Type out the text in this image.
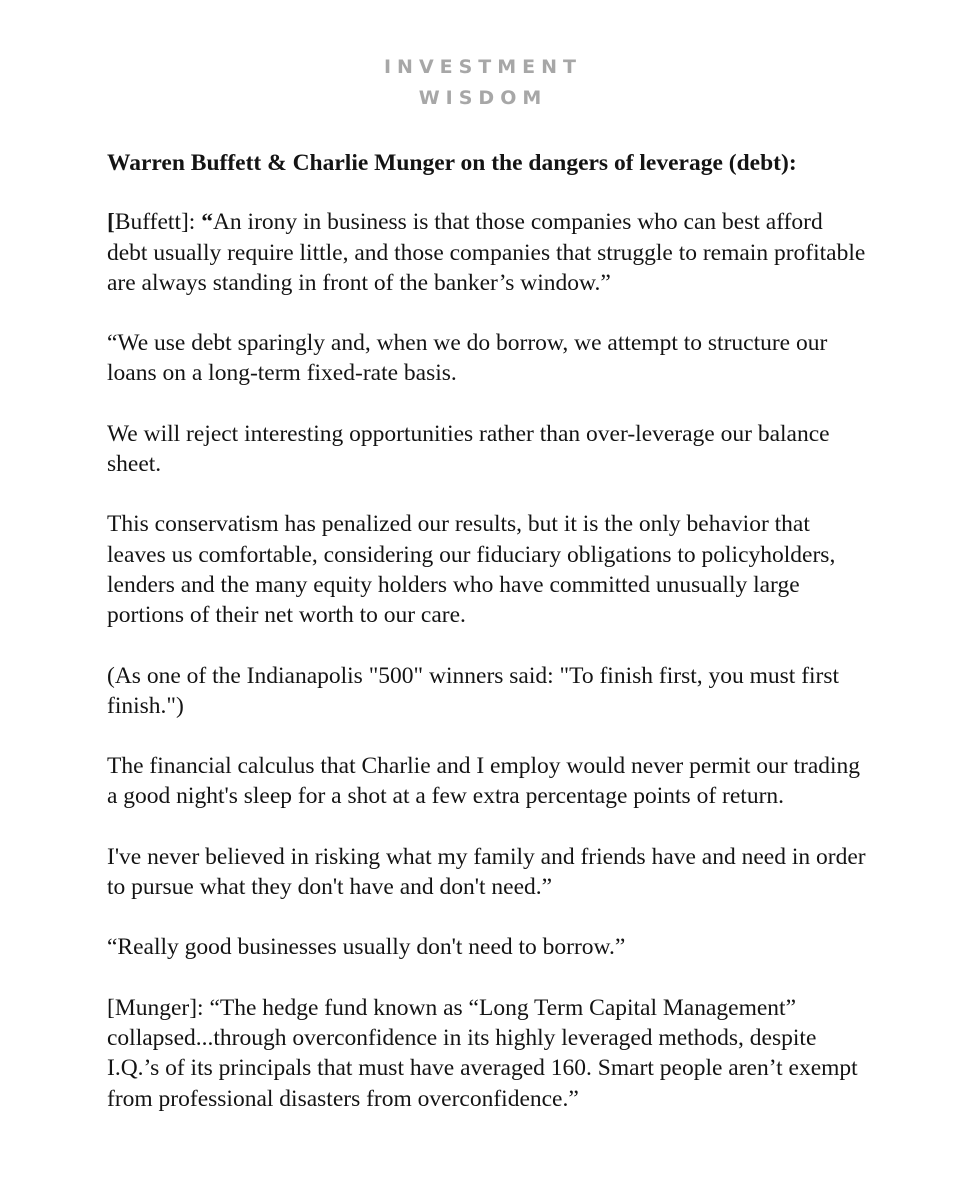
INVESTMENT
WISDOM

Warren Buffett & Charlie Munger on the dangers of leverage (debt):

[Buffett]: “An irony in business is that those companies who can best afford debt usually require little, and those companies that struggle to remain profitable are always standing in front of the banker’s window.”

“We use debt sparingly and, when we do borrow, we attempt to structure our loans on a long-term fixed-rate basis.

We will reject interesting opportunities rather than over-leverage our balance sheet.

This conservatism has penalized our results, but it is the only behavior that leaves us comfortable, considering our fiduciary obligations to policyholders, lenders and the many equity holders who have committed unusually large portions of their net worth to our care.

(As one of the Indianapolis "500" winners said: "To finish first, you must first finish.")

The financial calculus that Charlie and I employ would never permit our trading a good night's sleep for a shot at a few extra percentage points of return.

I've never believed in risking what my family and friends have and need in order to pursue what they don't have and don't need.”

“Really good businesses usually don't need to borrow.”

[Munger]: “The hedge fund known as “Long Term Capital Management” collapsed...through overconfidence in its highly leveraged methods, despite I.Q.’s of its principals that must have averaged 160. Smart people aren’t exempt from professional disasters from overconfidence.”
